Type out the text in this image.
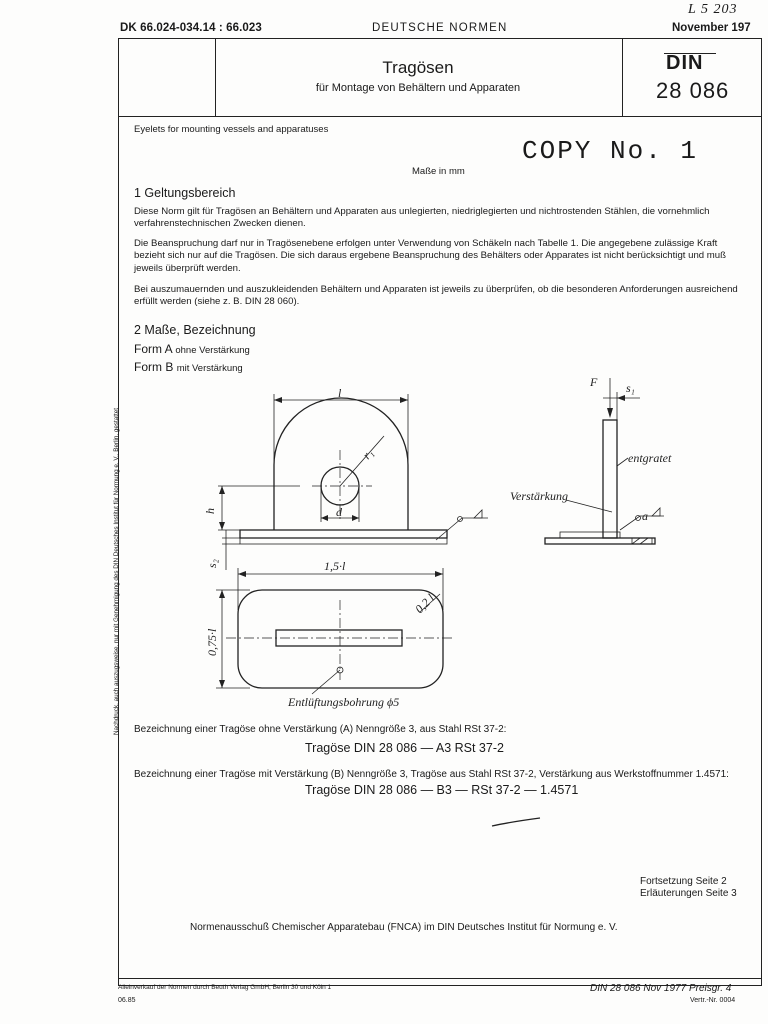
DK 66.024-034.14 : 66.023	DEUTSCHE NORMEN	November 197
L 5 203
Tragösen
für Montage von Behältern und Apparaten
DIN
28 086
Eyelets for mounting vessels and apparatuses
COPY No. 1
Maße in mm
1 Geltungsbereich
Diese Norm gilt für Tragösen an Behältern und Apparaten aus unlegierten, niedriglegierten und nichtrostenden Stählen, die vornehmlich verfahrenstechnischen Zwecken dienen.
Die Beanspruchung darf nur in Tragösenebene erfolgen unter Verwendung von Schäkeln nach Tabelle 1. Die angegebene zulässige Kraft bezieht sich nur auf die Tragösen. Die sich daraus ergebene Beanspruchung des Behälters oder Apparates ist nicht berücksichtigt und muß jeweils überprüft werden.
Bei auszumauernden und auszukleidenden Behältern und Apparaten ist jeweils zu überprüfen, ob die besonderen Anforderungen ausreichend erfüllt werden (siehe z. B. DIN 28 060).
2 Maße, Bezeichnung
Form A ohne Verstärkung
Form B mit Verstärkung
l
r₁
d
h
s₂
F s₁
entgratet
Verstärkung
a
1,5·l
0,75·l
0,2 l
Entlüftungsbohrung ϕ5
Bezeichnung einer Tragöse ohne Verstärkung (A) Nenngröße 3, aus Stahl RSt 37-2:
Tragöse DIN 28 086 — A3 RSt 37-2
Bezeichnung einer Tragöse mit Verstärkung (B) Nenngröße 3, Tragöse aus Stahl RSt 37-2, Verstärkung aus Werkstoffnummer 1.4571:
Tragöse DIN 28 086 — B3 — RSt 37-2 — 1.4571
Fortsetzung Seite 2
Erläuterungen Seite 3
Normenausschuß Chemischer Apparatebau (FNCA) im DIN Deutsches Institut für Normung e. V.
Alleinverkauf der Normen durch Beuth Verlag GmbH, Berlin 30 und Köln 1
06.85
DIN 28 086 Nov 1977 Preisgr. 4
Vertr.-Nr. 0004
Nachdruck, auch auszugsweise, nur mit Genehmigung des DIN Deutsches Institut für Normung e. V., Berlin, gestattet
